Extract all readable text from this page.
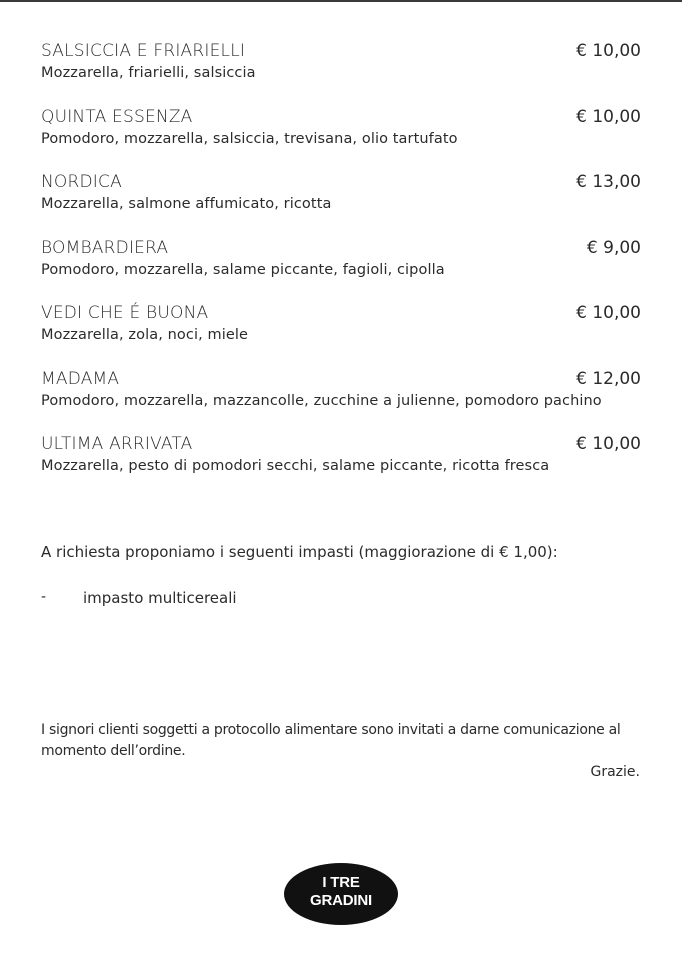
SALSICCIA E FRIARIELLI	€ 10,00
Mozzarella, friarielli, salsiccia
QUINTA ESSENZA	€ 10,00
Pomodoro, mozzarella, salsiccia, trevisana, olio tartufato
NORDICA	€ 13,00
Mozzarella, salmone affumicato, ricotta
BOMBARDIERA	€ 9,00
Pomodoro, mozzarella, salame piccante, fagioli, cipolla
VEDI CHE É BUONA	€ 10,00
Mozzarella, zola, noci, miele
MADAMA	€ 12,00
Pomodoro, mozzarella, mazzancolle, zucchine a julienne, pomodoro pachino
ULTIMA ARRIVATA	€ 10,00
Mozzarella, pesto di pomodori secchi, salame piccante, ricotta fresca
A richiesta proponiamo i seguenti impasti (maggiorazione di € 1,00):
- impasto multicereali
I signori clienti soggetti a protocollo alimentare sono invitati a darne comunicazione al momento dell’ordine.
Grazie.
I TRE
GRADINI
